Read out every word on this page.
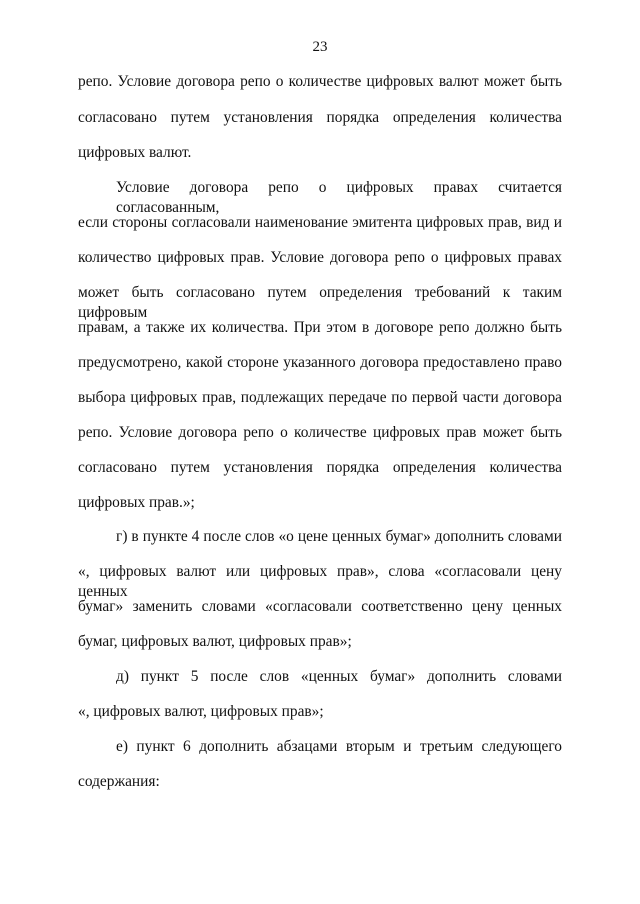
23
репо. Условие договора репо о количестве цифровых валют может быть
согласовано путем установления порядка определения количества
цифровых валют.
Условие договора репо о цифровых правах считается согласованным,
если стороны согласовали наименование эмитента цифровых прав, вид и
количество цифровых прав. Условие договора репо о цифровых правах
может быть согласовано путем определения требований к таким цифровым
правам, а также их количества. При этом в договоре репо должно быть
предусмотрено, какой стороне указанного договора предоставлено право
выбора цифровых прав, подлежащих передаче по первой части договора
репо. Условие договора репо о количестве цифровых прав может быть
согласовано путем установления порядка определения количества
цифровых прав.»;
г) в пункте 4 после слов «о цене ценных бумаг» дополнить словами
«, цифровых валют или цифровых прав», слова «согласовали цену ценных
бумаг» заменить словами «согласовали соответственно цену ценных
бумаг, цифровых валют, цифровых прав»;
д) пункт 5 после слов «ценных бумаг» дополнить словами
«, цифровых валют, цифровых прав»;
е) пункт 6 дополнить абзацами вторым и третьим следующего
содержания:
